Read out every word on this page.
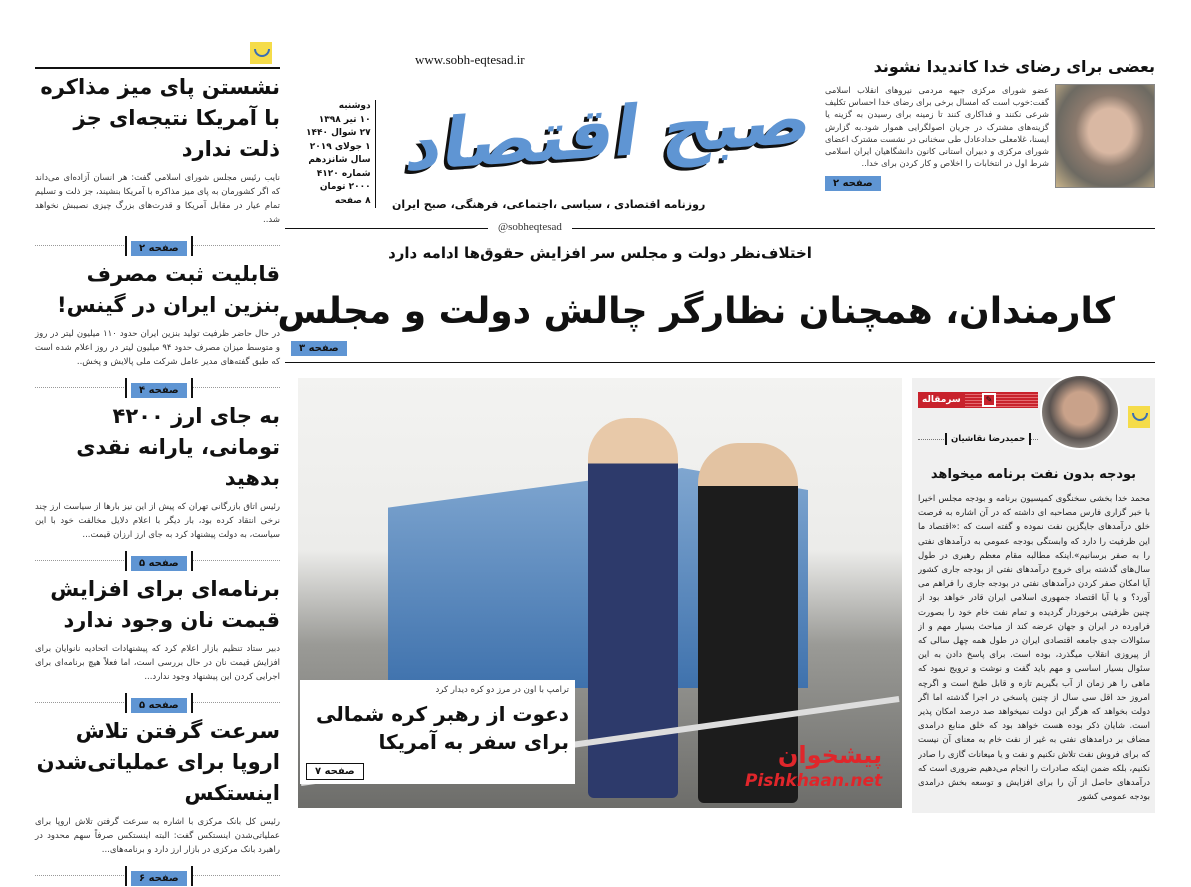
نشستن پای میز مذاکره با آمریکا نتیجه‌ای جز ذلت ندارد
نایب رئیس مجلس شورای اسلامی گفت: هر انسان آزاده‌ای می‌داند که اگر کشورمان به پای میز مذاکره با آمریکا بنشیند، جز ذلت و تسلیم تمام عیار در مقابل آمریکا و قدرت‌های بزرگ چیزی نصیبش نخواهد شد..
صفحه ۲
قابلیت ثبت مصرف بنزین ایران در گینس!
در حال حاضر ظرفیت تولید بنزین ایران حدود ۱۱۰ میلیون لیتر در روز و متوسط میزان مصرف حدود ۹۴ میلیون لیتر در روز اعلام شده است که طبق گفته‌های مدیر عامل شرکت ملی پالایش و پخش..
صفحه ۴
به جای ارز ۴۲۰۰ تومانی، یارانه نقدی بدهید
رئیس اتاق بازرگانی تهران که پیش از این نیز بارها از سیاست ارز چند نرخی انتقاد کرده بود، بار دیگر با اعلام دلایل مخالفت خود با این سیاست، به دولت پیشنهاد کرد به جای ارز ارزان قیمت...
صفحه ۵
برنامه‌ای برای افزایش قیمت نان وجود ندارد
دبیر ستاد تنظیم بازار اعلام کرد که پیشنهادات اتحادیه نانوایان برای افزایش قیمت نان در حال بررسی است، اما فعلاً هیچ برنامه‌ای برای اجرایی کردن این پیشنهاد وجود ندارد...
صفحه ۵
سرعت گرفتن تلاش اروپا برای عملیاتی‌شدن اینستکس
رئیس کل بانک مرکزی با اشاره به سرعت گرفتن تلاش اروپا برای عملیاتی‌شدن اینستکس گفت: البته اینستکس صرفاً سهم محدود در راهبرد بانک مرکزی در بازار ارز دارد و برنامه‌های...
صفحه ۶
www.sobh-eqtesad.ir
دوشنبه
۱۰ تیر ۱۳۹۸
۲۷ شوال ۱۴۴۰
۱ جولای ۲۰۱۹
سال شانزدهم
شماره ۴۱۲۰
۲۰۰۰ تومان
۸ صفحه
صبح اقتصاد
روزنامه اقتصادی ، سیاسی ،اجتماعی، فرهنگی، صبح ایران
@sobheqtesad
بعضی برای رضای خدا کاندیدا نشوند
عضو شورای مرکزی جبهه مردمی نیروهای انقلاب اسلامی گفت:خوب است که امسال برخی برای رضای خدا احساس تکلیف شرعی نکنند و فداکاری کنند تا زمینه برای رسیدن به گزینه یا گزینه‌های مشترک در جریان اصولگرایی هموار شود.به گزارش ایسنا، غلامعلی حدادعادل طی سخنانی در نشست مشترک اعضای شورای مرکزی و دبیران استانی کانون دانشگاهیان ایران اسلامی شرط اول در انتخابات را اخلاص و کار کردن برای خدا..
صفحه ۲
اختلاف‌نظر دولت و مجلس سر افزایش حقوق‌ها ادامه دارد
کارمندان، همچنان نظارگر چالش دولت و مجلس
صفحه ۳
ترامپ با اون در مرز دو کره دیدار کرد
دعوت از رهبر کره شمالی برای سفر به آمریکا
صفحه ۷
سرمقاله	✎
حمیدرضا نقاشیان
بودجه بدون نفت برنامه میخواهد
محمد خدا بخشی سخنگوی کمیسیون برنامه و بودجه مجلس اخیرا با خبر گزاری فارس مصاحبه ای داشته که در آن اشاره به فرصت خلق درآمدهای جایگزین نفت نموده و گفته است که :«اقتصاد ما این ظرفیت را دارد که وابستگی بودجه عمومی به درآمدهای نفتی را به صفر برسانیم».اینکه مطالبه مقام معظم رهبری در طول سال‌های گذشته برای خروج درآمدهای نفتی از بودجه جاری کشور آیا امکان صفر کردن درآمدهای نفتی در بودجه جاری را فراهم می آورد؟ و یا آیا اقتصاد جمهوری اسلامی ایران قادر خواهد بود از چنین ظرفیتی برخوردار گردیده و تمام نفت خام خود را بصورت فراورده در ایران و جهان عرضه کند از مباحث بسیار مهم و از سئوالات جدی جامعه اقتصادی ایران در طول همه چهل سالی که از پیروزی انقلاب میگذرد، بوده است. برای پاسخ دادن به این سئوال بسیار اساسی و مهم باید گفت و نوشت و ترویج نمود که ماهی را هر زمان از آب بگیریم تازه و قابل طبخ است و اگرچه امروز حد اقل سی سال از چنین پاسخی در اجرا گذشته اما اگر دولت بخواهد که هرگز این دولت نمیخواهد صد درصد امکان پذیر است. شایان ذکر بوده هست خواهد بود که خلق منابع درامدی مضاف بر درامدهای نفتی به غیر از نفت خام به معنای آن نیست که برای فروش نفت تلاش نکنیم و نفت و یا میعانات گازی را صادر نکنیم، بلکه ضمن اینکه صادرات را انجام می‌دهیم ضروری است که درآمدهای حاصل از آن را برای افزایش و توسعه بخش درامدی بودجه عمومی کشور
پیشخوان
Pishkhaan.net
